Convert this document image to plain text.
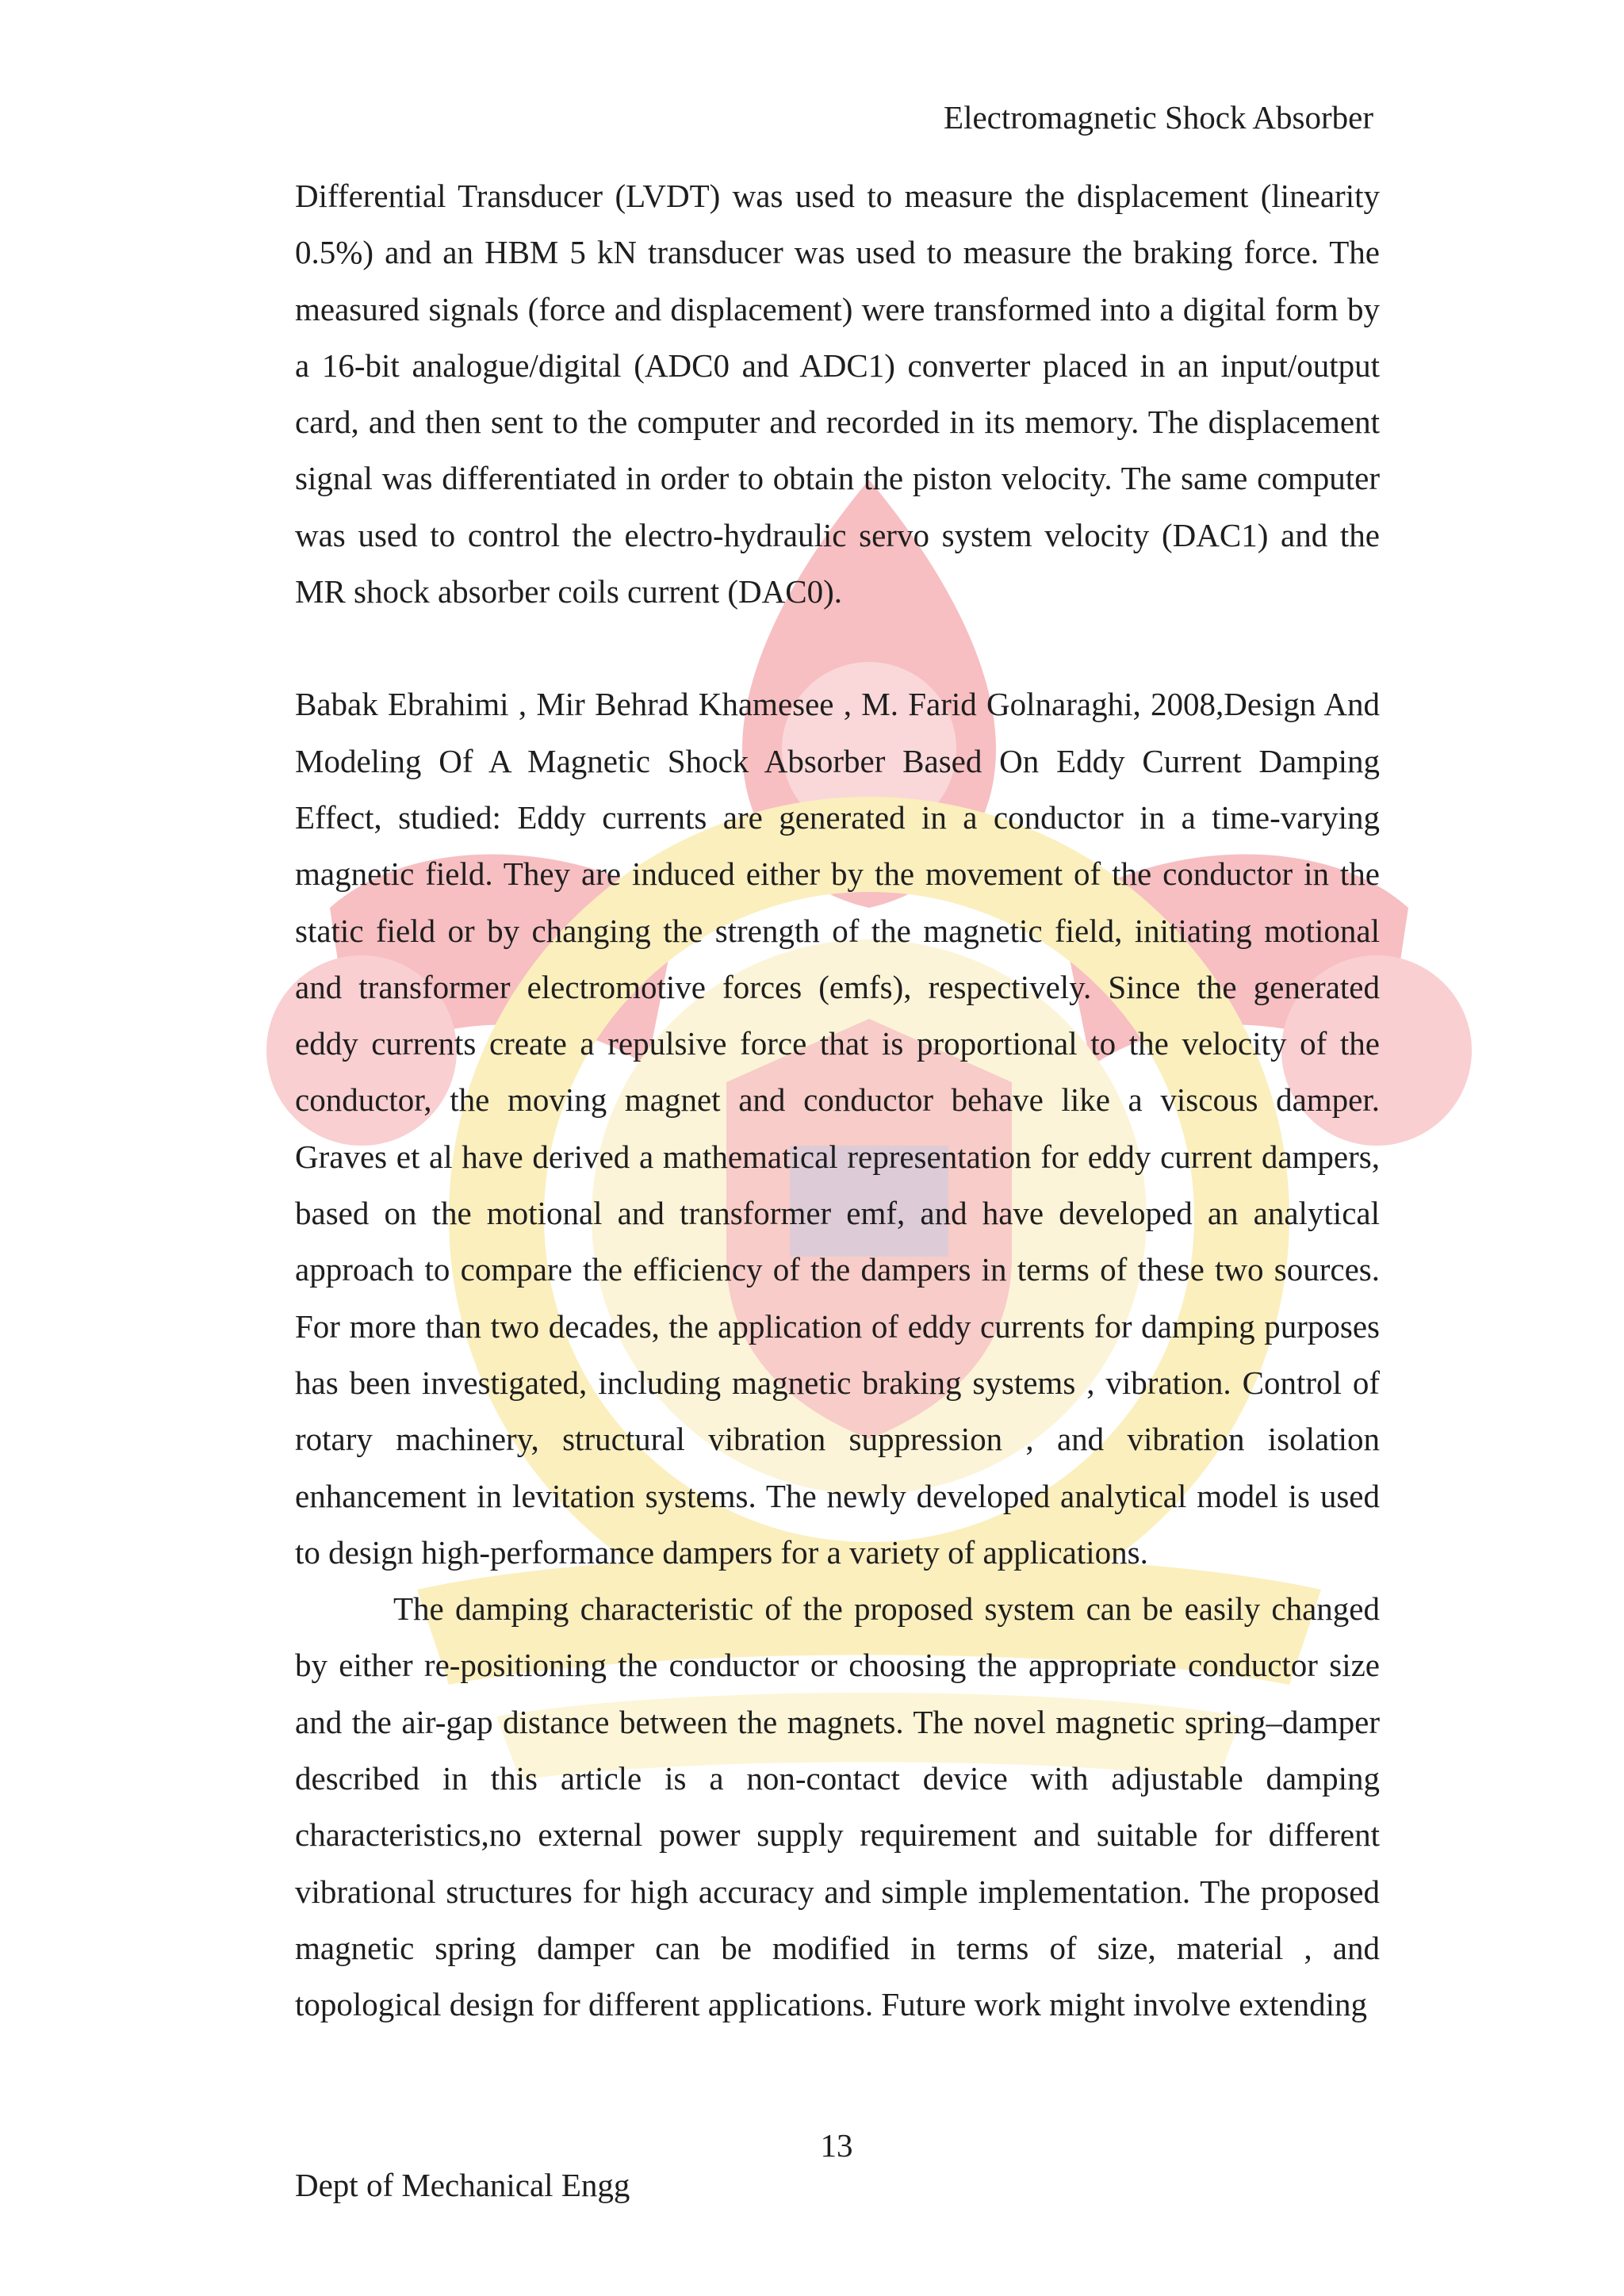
Electromagnetic Shock Absorber

Differential Transducer (LVDT) was used to measure the displacement (linearity 0.5%) and an HBM 5 kN transducer was used to measure the braking force. The measured signals (force and displacement) were transformed into a digital form by a 16-bit analogue/digital (ADC0 and ADC1) converter placed in an input/output card, and then sent to the computer and recorded in its memory. The displacement signal was differentiated in order to obtain the piston velocity. The same computer was used to control the electro-hydraulic servo system velocity (DAC1) and the MR shock absorber coils current (DAC0).

Babak Ebrahimi , Mir Behrad Khamesee , M. Farid Golnaraghi, 2008,Design And Modeling Of A Magnetic Shock Absorber Based On Eddy Current Damping Effect, studied: Eddy currents are generated in a conductor in a time-varying magnetic field. They are induced either by the movement of the conductor in the static field or by changing the strength of the magnetic field, initiating motional and transformer electromotive forces (emfs), respectively. Since the generated eddy currents create a repulsive force that is proportional to the velocity of the conductor, the moving magnet and conductor behave like a viscous damper. Graves et al have derived a mathematical representation for eddy current dampers, based on the motional and transformer emf, and have developed an analytical approach to compare the efficiency of the dampers in terms of these two sources. For more than two decades, the application of eddy currents for damping purposes has been investigated, including magnetic braking systems , vibration. Control of rotary machinery, structural vibration suppression , and vibration isolation enhancement in levitation systems. The newly developed analytical model is used to design high-performance dampers for a variety of applications.

The damping characteristic of the proposed system can be easily changed by either re-positioning the conductor or choosing the appropriate conductor size and the air-gap distance between the magnets. The novel magnetic spring–damper described in this article is a non-contact device with adjustable damping characteristics,no external power supply requirement and suitable for different vibrational structures for high accuracy and simple implementation. The proposed magnetic spring damper can be modified in terms of size, material , and topological design for different applications. Future work might involve extending

13
Dept of Mechanical Engg
